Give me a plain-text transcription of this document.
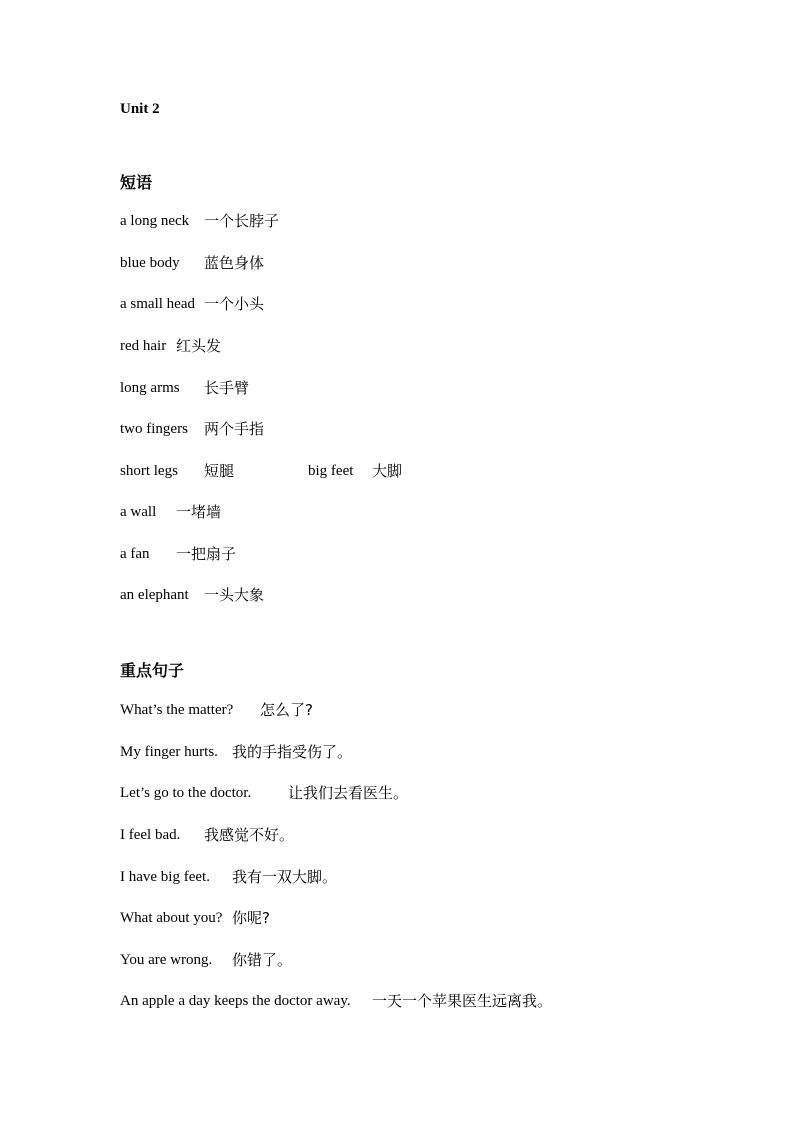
Unit 2
短语
a long neck 一个长脖子
blue body 蓝色身体
a small head 一个小头
red hair 红头发
long arms 长手臂
two fingers 两个手指
short legs 短腿	big feet 大脚
a wall 一堵墙
a fan 一把扇子
an elephant 一头大象
重点句子
What’s the matter? 怎么了?
My finger hurts. 我的手指受伤了。
Let’s go to the doctor. 让我们去看医生。
I feel bad. 我感觉不好。
I have big feet. 我有一双大脚。
What about you? 你呢?
You are wrong. 你错了。
An apple a day keeps the doctor away. 一天一个苹果医生远离我。
